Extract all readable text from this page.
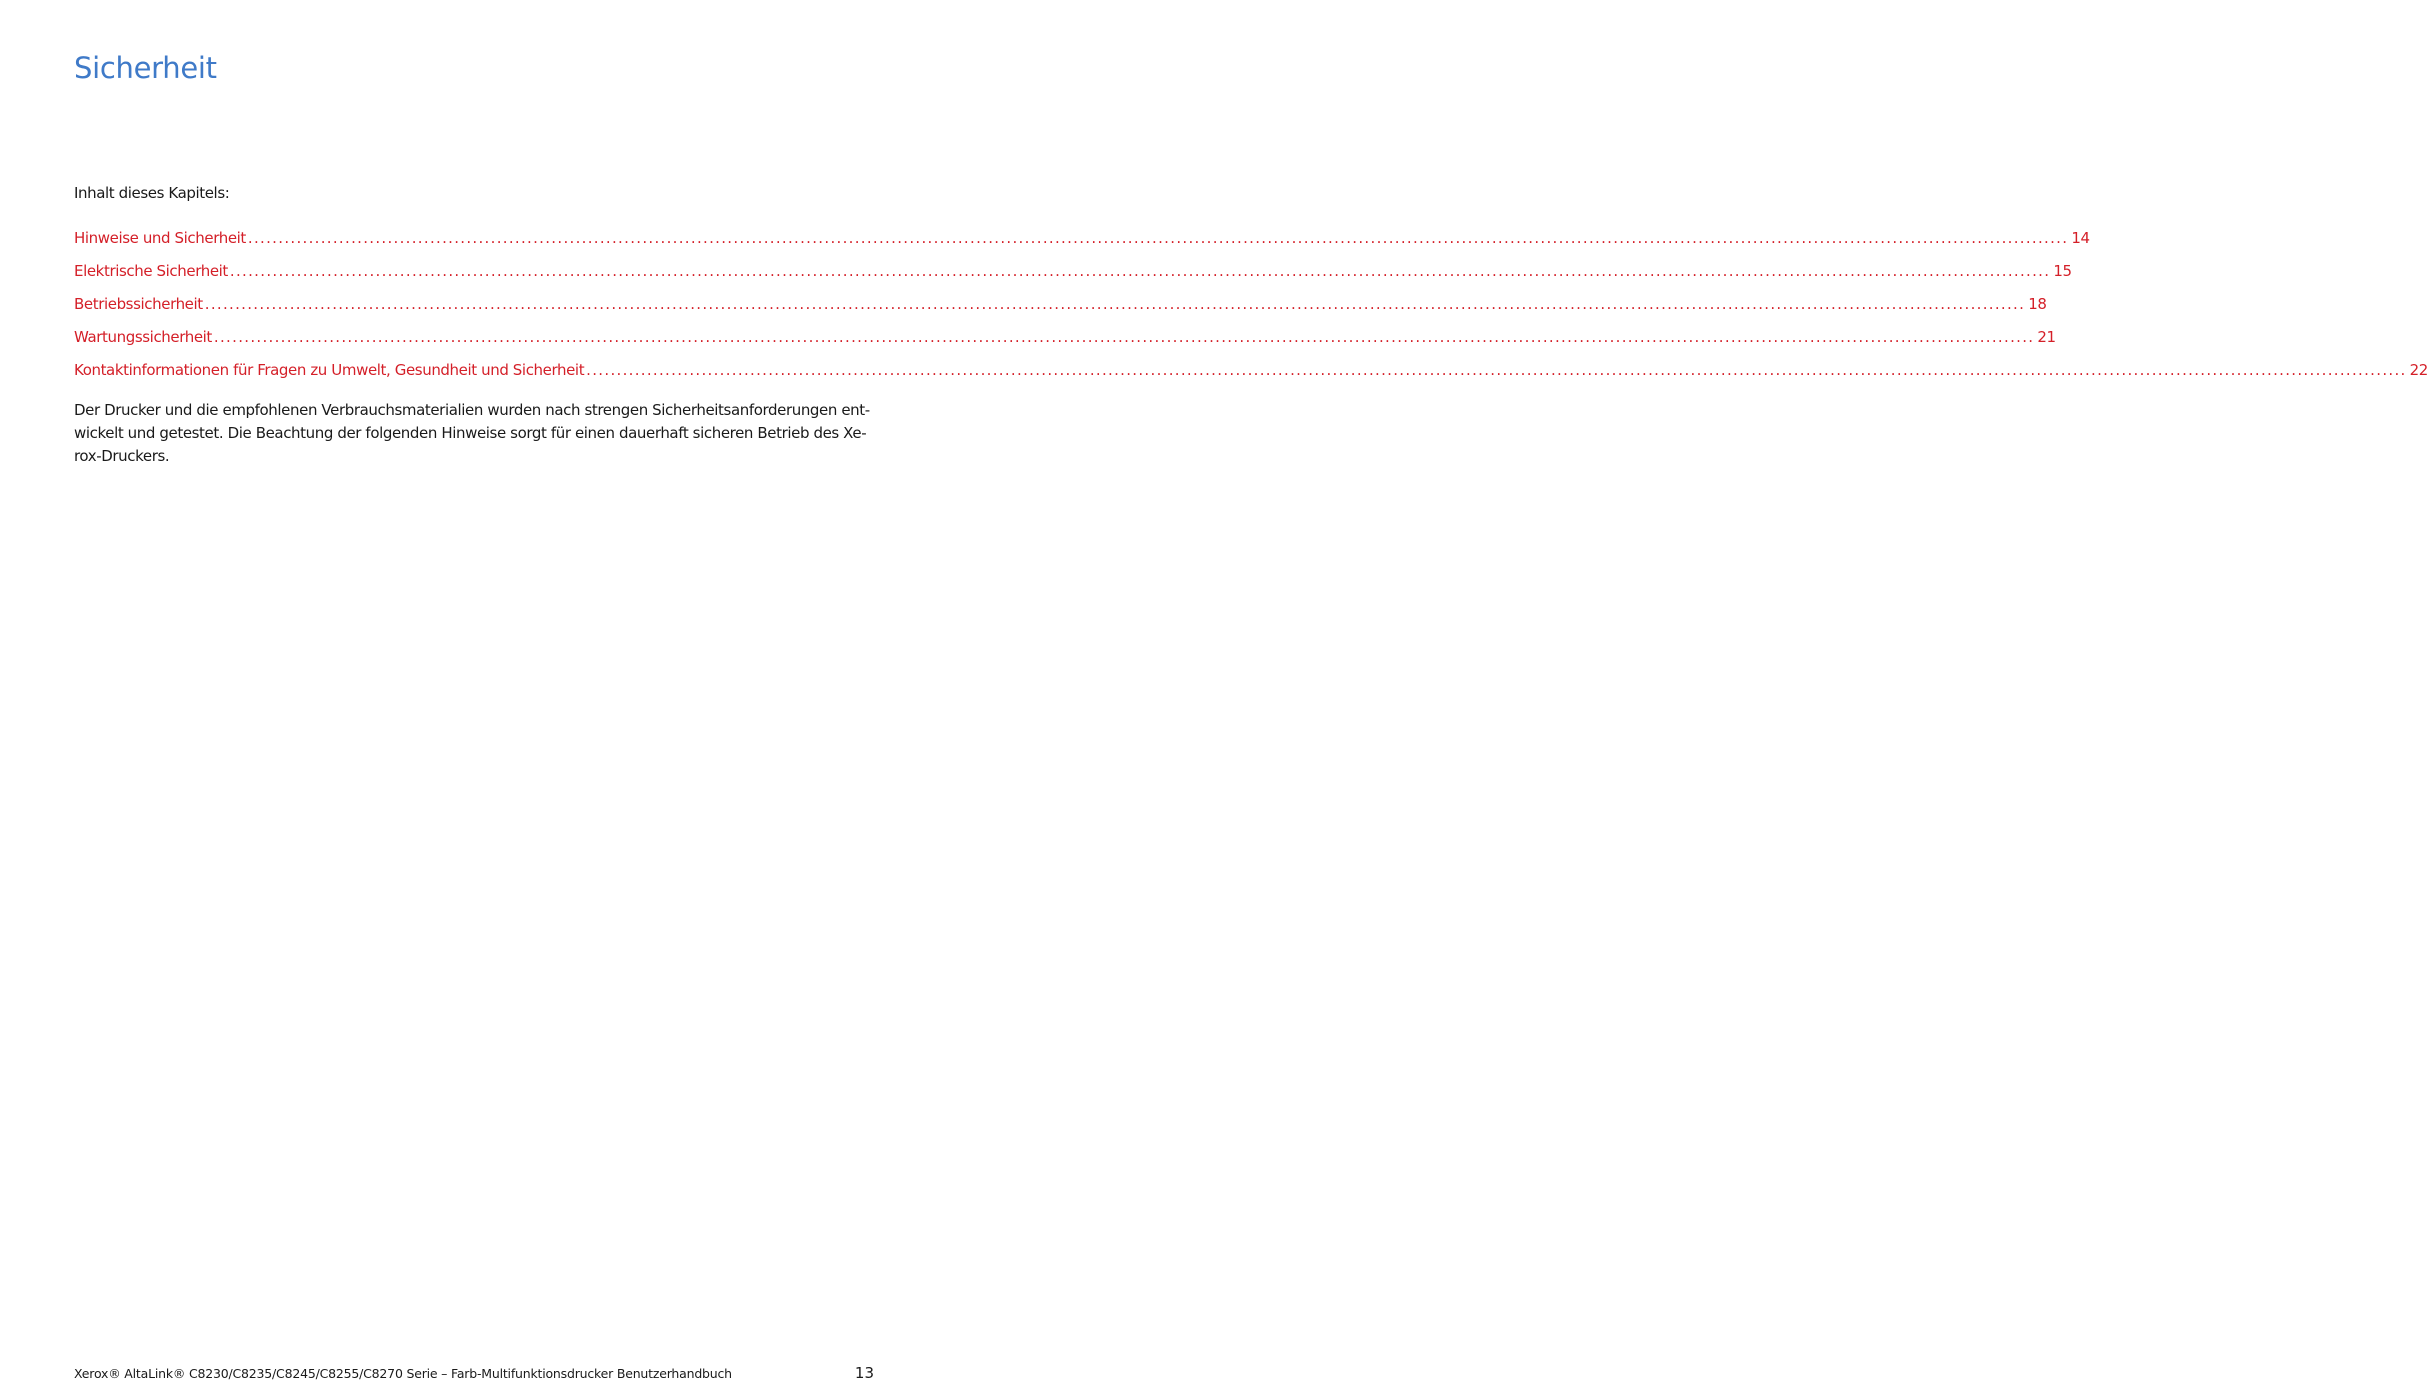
Sicherheit
Inhalt dieses Kapitels:
Hinweise und Sicherheit ............................................................................................................................................................................................................................................................................................................ 14
Elektrische Sicherheit ............................................................................................................................................................................................................................................................................................................ 15
Betriebssicherheit ............................................................................................................................................................................................................................................................................................................ 18
Wartungssicherheit ............................................................................................................................................................................................................................................................................................................ 21
Kontaktinformationen für Fragen zu Umwelt, Gesundheit und Sicherheit ............................................................................................................................................................................................................................................................................................................ 22

Der Drucker und die empfohlenen Verbrauchsmaterialien wurden nach strengen Sicherheitsanforderungen ent-wickelt und getestet. Die Beachtung der folgenden Hinweise sorgt für einen dauerhaft sicheren Betrieb des Xe-rox-Druckers.

Xerox® AltaLink® C8230/C8235/C8245/C8255/C8270 Serie – Farb-Multifunktionsdrucker Benutzerhandbuch	13
